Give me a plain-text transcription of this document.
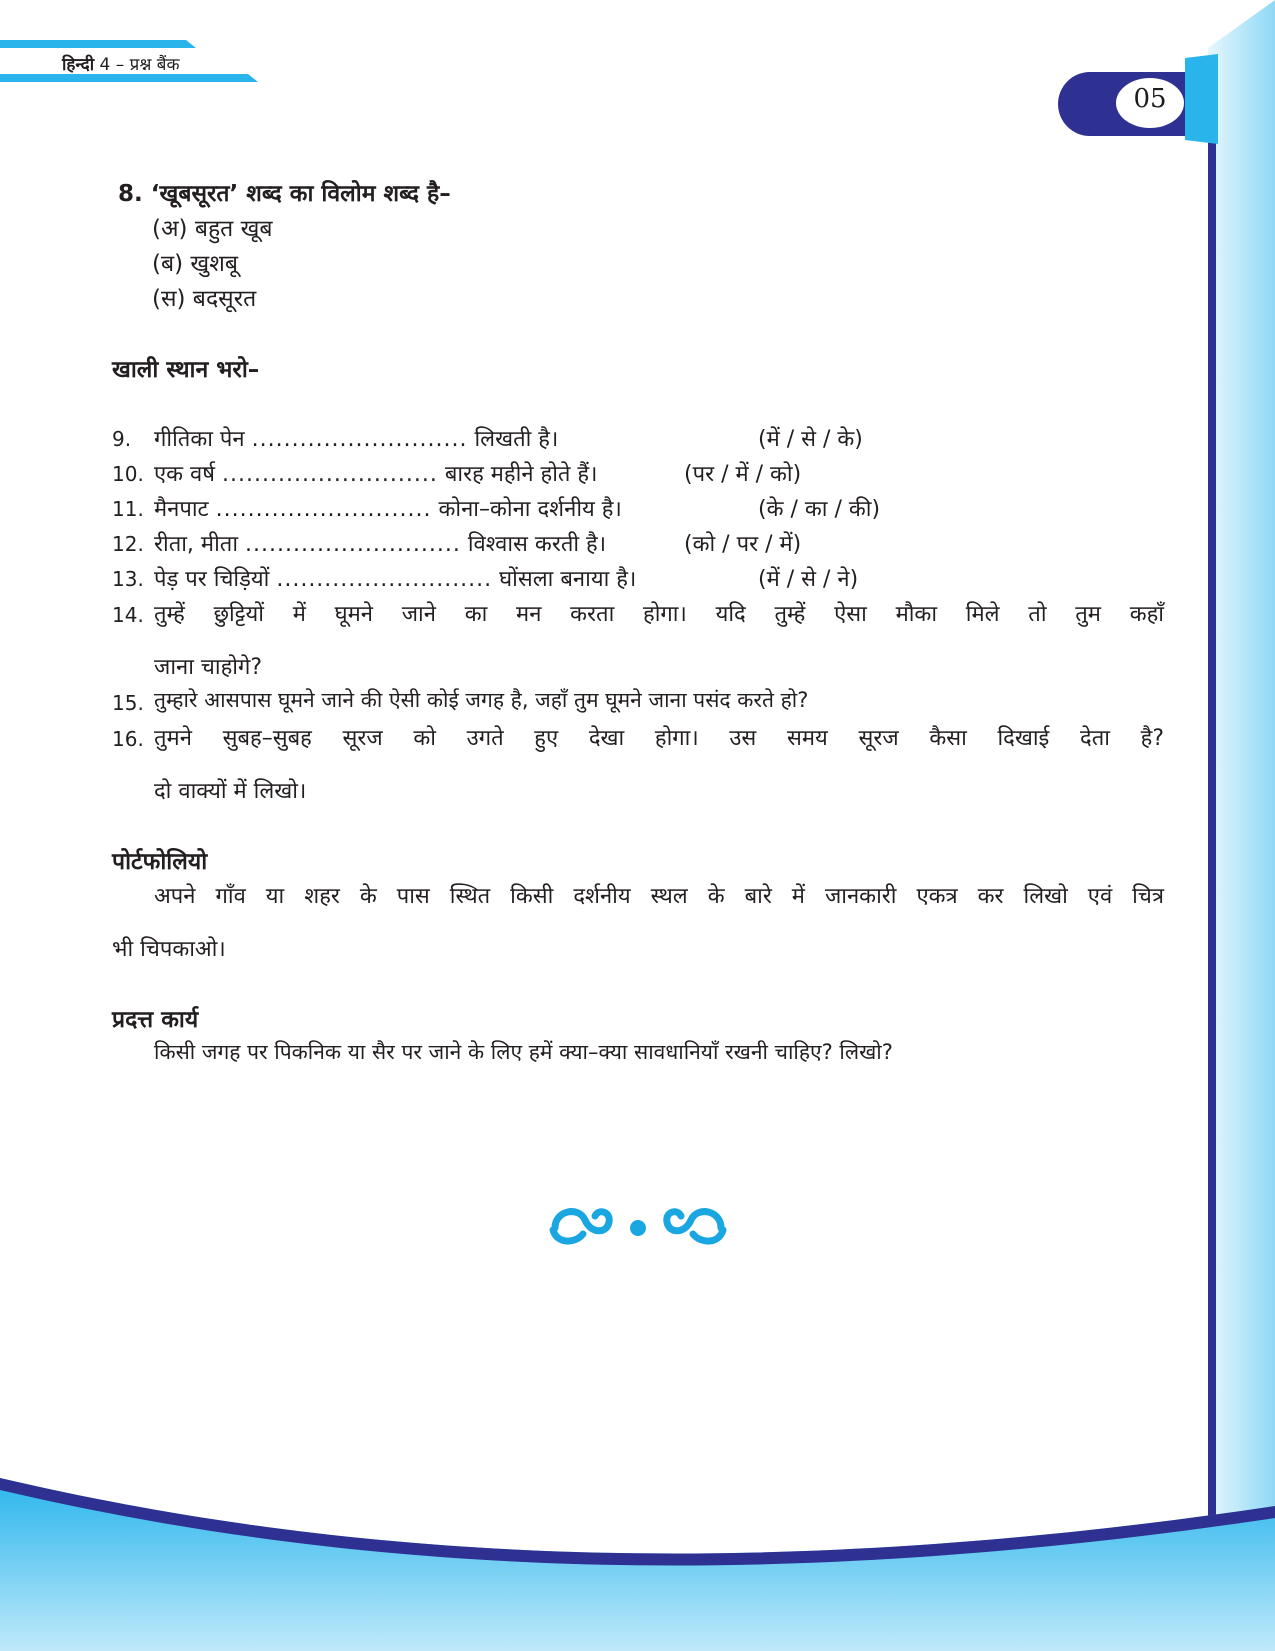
हिन्दी 4 – प्रश्न बैंक
05
8. ‘खूबसूरत’ शब्द का विलोम शब्द है–
(अ) बहुत खूब
(ब) खुशबू
(स) बदसूरत
खाली स्थान भरो–
9. गीतिका पेन ........................... लिखती है।	(में / से / के)
10. एक वर्ष ........................... बारह महीने होते हैं।	(पर / में / को)
11. मैनपाट ........................... कोना–कोना दर्शनीय है।	(के / का / की)
12. रीता, मीता ........................... विश्वास करती है।	(को / पर / में)
13. पेड़ पर चिड़ियों ........................... घोंसला बनाया है।	(में / से / ने)
14. तुम्हें छुट्टियों में घूमने जाने का मन करता होगा। यदि तुम्हें ऐसा मौका मिले तो तुम कहाँ
जाना चाहोगे?
15. तुम्हारे आसपास घूमने जाने की ऐसी कोई जगह है, जहाँ तुम घूमने जाना पसंद करते हो?
16. तुमने सुबह–सुबह सूरज को उगते हुए देखा होगा। उस समय सूरज कैसा दिखाई देता है?
दो वाक्यों में लिखो।
पोर्टफोलियो
अपने गाँव या शहर के पास स्थित किसी दर्शनीय स्थल के बारे में जानकारी एकत्र कर लिखो एवं चित्र
भी चिपकाओ।
प्रदत्त कार्य
किसी जगह पर पिकनिक या सैर पर जाने के लिए हमें क्या–क्या सावधानियाँ रखनी चाहिए? लिखो?
